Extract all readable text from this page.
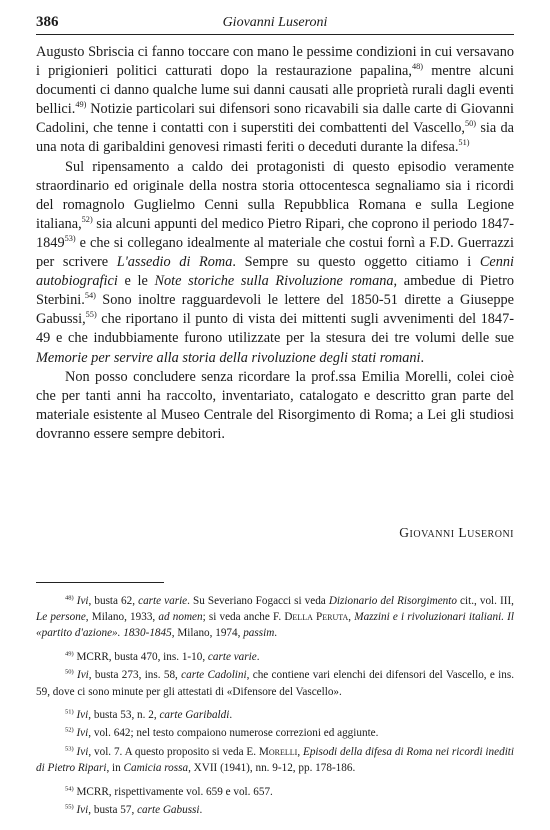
386	Giovanni Luseroni

Augusto Sbriscia ci fanno toccare con mano le pessime condizioni in cui versavano i prigionieri politici catturati dopo la restaurazione papalina,$^{48)}$ mentre alcuni documenti ci danno qualche lume sui danni causati alle proprietà rurali dagli eventi bellici.$^{49)}$ Notizie particolari sui difensori sono ricavabili sia dalle carte di Giovanni Cadolini, che tenne i contatti con i superstiti dei combattenti del Vascello,$^{50)}$ sia da una nota di garibaldini genovesi rimasti feriti o deceduti durante la difesa.$^{51)}$

Sul ripensamento a caldo dei protagonisti di questo episodio veramente straordinario ed originale della nostra storia ottocentesca segnaliamo sia i ricordi del romagnolo Guglielmo Cenni sulla Repubblica Romana e sulla Legione italiana,$^{52)}$ sia alcuni appunti del medico Pietro Ripari, che coprono il periodo 1847-1849$^{53)}$ e che si collegano idealmente al materiale che costui fornì a F.D. Guerrazzi per scrivere L'assedio di Roma. Sempre su questo oggetto citiamo i Cenni autobiografici e le Note storiche sulla Rivoluzione romana, ambedue di Pietro Sterbini.$^{54)}$ Sono inoltre ragguardevoli le lettere del 1850-51 dirette a Giuseppe Gabussi,$^{55)}$ che riportano il punto di vista dei mittenti sugli avvenimenti del 1847-49 e che indubbiamente furono utilizzate per la stesura dei tre volumi delle sue Memorie per servire alla storia della rivoluzione degli stati romani.

Non posso concludere senza ricordare la prof.ssa Emilia Morelli, colei cioè che per tanti anni ha raccolto, inventariato, catalogato e descritto gran parte del materiale esistente al Museo Centrale del Risorgimento di Roma; a Lei gli studiosi dovranno essere sempre debitori.

GIOVANNI LUSERONI

$^{48)}$ Ivi, busta 62, carte varie. Su Severiano Fogacci si veda Dizionario del Risorgimento cit., vol. III, Le persone, Milano, 1933, ad nomen; si veda anche F. Della Peruta, Mazzini e i rivoluzionari italiani. Il «partito d'azione». 1830-1845, Milano, 1974, passim.

$^{49)}$ MCRR, busta 470, ins. 1-10, carte varie.

$^{50)}$ Ivi, busta 273, ins. 58, carte Cadolini, che contiene vari elenchi dei difensori del Vascello, e ins. 59, dove ci sono minute per gli attestati di «Difensore del Vascello».

$^{51)}$ Ivi, busta 53, n. 2, carte Garibaldi.

$^{52)}$ Ivi, vol. 642; nel testo compaiono numerose correzioni ed aggiunte.

$^{53)}$ Ivi, vol. 7. A questo proposito si veda E. Morelli, Episodi della difesa di Roma nei ricordi inediti di Pietro Ripari, in Camicia rossa, XVII (1941), nn. 9-12, pp. 178-186.

$^{54)}$ MCRR, rispettivamente vol. 659 e vol. 657.

$^{55)}$ Ivi, busta 57, carte Gabussi.
